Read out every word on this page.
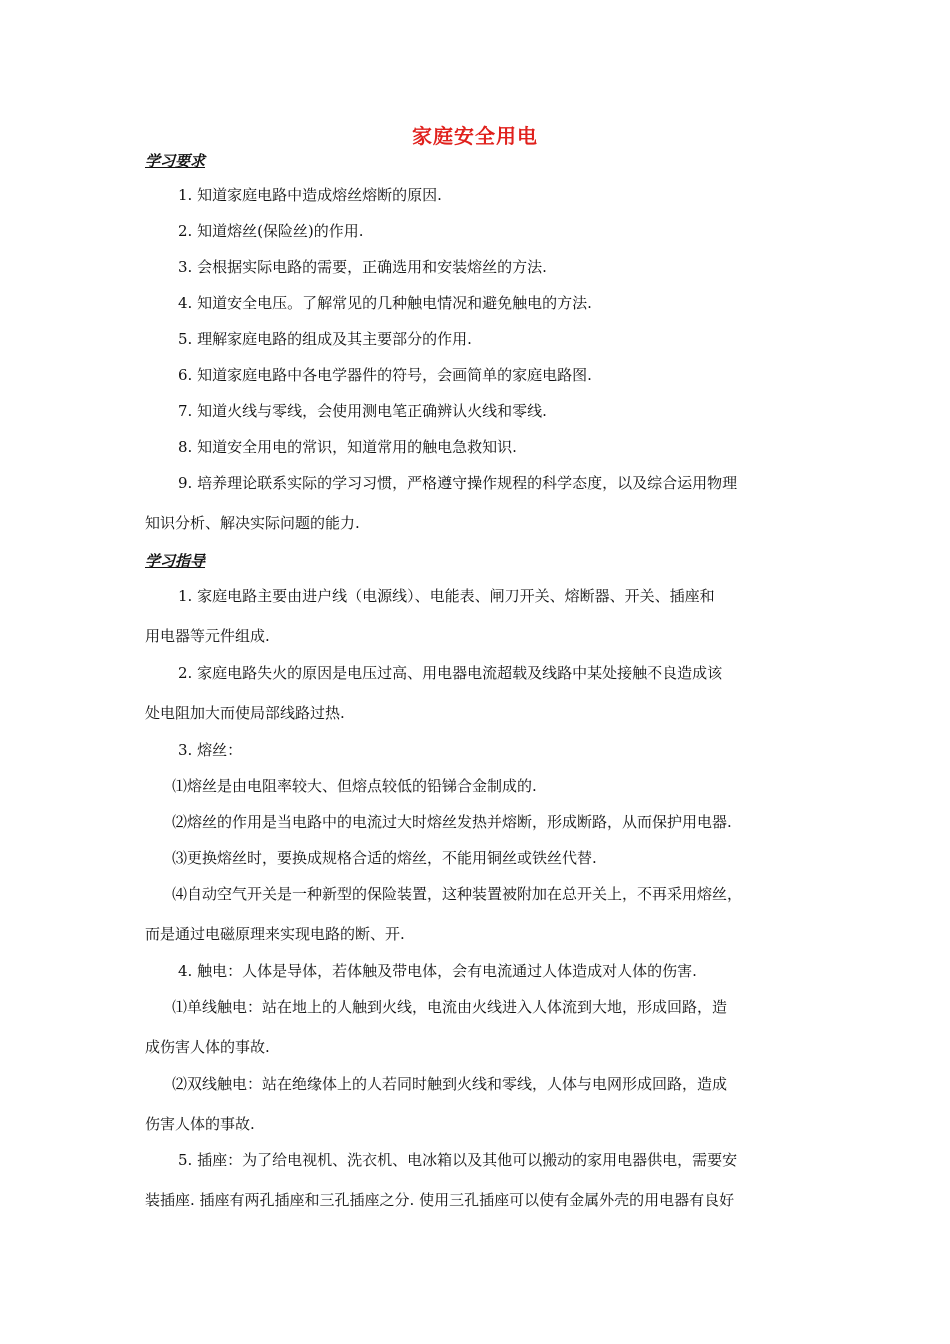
家庭安全用电
学习要求
1. 知道家庭电路中造成熔丝熔断的原因.
2. 知道熔丝(保险丝)的作用.
3. 会根据实际电路的需要，正确选用和安装熔丝的方法.
4. 知道安全电压。了解常见的几种触电情况和避免触电的方法.
5. 理解家庭电路的组成及其主要部分的作用.
6. 知道家庭电路中各电学器件的符号，会画简单的家庭电路图.
7. 知道火线与零线，会使用测电笔正确辨认火线和零线.
8. 知道安全用电的常识，知道常用的触电急救知识.
9. 培养理论联系实际的学习习惯，严格遵守操作规程的科学态度，以及综合运用物理
知识分析、解决实际问题的能力.
学习指导
1. 家庭电路主要由进户线（电源线）、电能表、闸刀开关、熔断器、开关、插座和
用电器等元件组成.
2. 家庭电路失火的原因是电压过高、用电器电流超载及线路中某处接触不良造成该
处电阻加大而使局部线路过热.
3. 熔丝：
⑴熔丝是由电阻率较大、但熔点较低的铅锑合金制成的.
⑵熔丝的作用是当电路中的电流过大时熔丝发热并熔断，形成断路，从而保护用电器.
⑶更换熔丝时，要换成规格合适的熔丝，不能用铜丝或铁丝代替.
⑷自动空气开关是一种新型的保险装置，这种装置被附加在总开关上，不再采用熔丝，
而是通过电磁原理来实现电路的断、开.
4. 触电：人体是导体，若体触及带电体，会有电流通过人体造成对人体的伤害.
⑴单线触电：站在地上的人触到火线，电流由火线进入人体流到大地，形成回路，造
成伤害人体的事故.
⑵双线触电：站在绝缘体上的人若同时触到火线和零线，人体与电网形成回路，造成
伤害人体的事故.
5. 插座：为了给电视机、洗衣机、电冰箱以及其他可以搬动的家用电器供电，需要安
装插座. 插座有两孔插座和三孔插座之分. 使用三孔插座可以使有金属外壳的用电器有良好
